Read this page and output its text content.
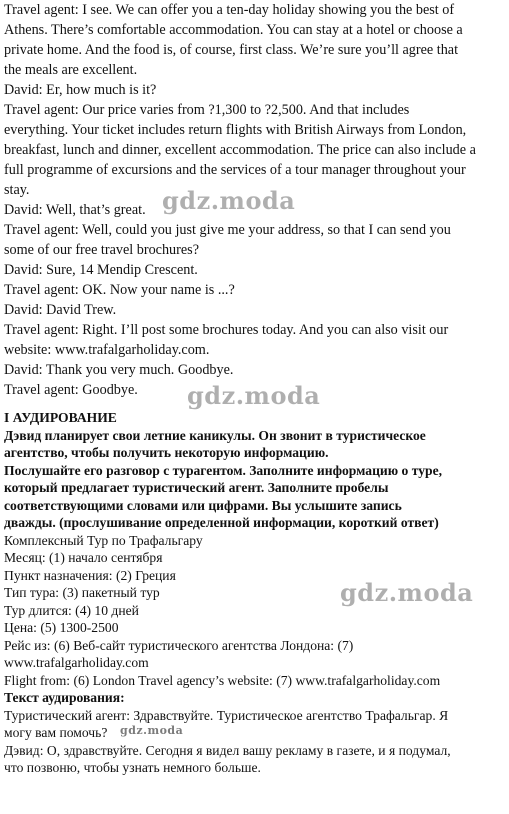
Travel agent: I see. We can offer you a ten-day holiday showing you the best of
Athens. There’s comfortable accommodation. You can stay at a hotel or choose a
private home. And the food is, of course, first class. We’re sure you’ll agree that
the meals are excellent.
David: Er, how much is it?
Travel agent: Our price varies from ?1,300 to ?2,500. And that includes
everything. Your ticket includes return flights with British Airways from London,
breakfast, lunch and dinner, excellent accommodation. The price can also include a
full programme of excursions and the services of a tour manager throughout your
stay.
David: Well, that’s great.
Travel agent: Well, could you just give me your address, so that I can send you
some of our free travel brochures?
David: Sure, 14 Mendip Crescent.
Travel agent: OK. Now your name is ...?
David: David Trew.
Travel agent: Right. I’ll post some brochures today. And you can also visit our
website: www.trafalgarholiday.com.
David: Thank you very much. Goodbye.
Travel agent: Goodbye.
I АУДИРОВАНИЕ
Дэвид планирует свои летние каникулы. Он звонит в туристическое
агентство, чтобы получить некоторую информацию.
Послушайте его разговор с турагентом. Заполните информацию о туре,
который предлагает туристический агент. Заполните пробелы
соответствующими словами или цифрами. Вы услышите запись
дважды. (прослушивание определенной информации, короткий ответ)
Комплексный Тур по Трафальгару
Месяц: (1) начало сентября
Пункт назначения: (2) Греция
Тип тура: (3) пакетный тур
Тур длится: (4) 10 дней
Цена: (5) 1300-2500
Рейс из: (6) Веб-сайт туристического агентства Лондона: (7)
www.trafalgarholiday.com
Flight from: (6) London Travel agency’s website: (7) www.trafalgarholiday.com
Текст аудирования:
Туристический агент: Здравствуйте. Туристическое агентство Трафальгар. Я
могу вам помочь?
Дэвид: О, здравствуйте. Сегодня я видел вашу рекламу в газете, и я подумал,
что позвоню, чтобы узнать немного больше.
gdz.moda
gdz.moda
gdz.moda
gdz.moda
